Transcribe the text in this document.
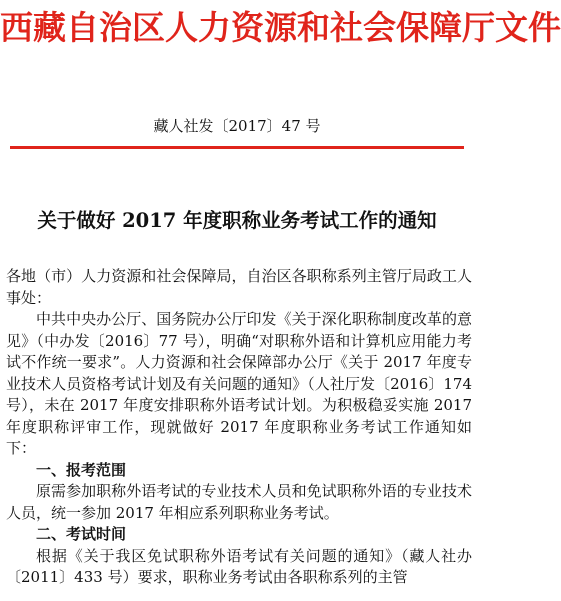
西藏自治区人力资源和社会保障厅文件
藏人社发〔2017〕47 号
关于做好 2017 年度职称业务考试工作的通知

各地（市）人力资源和社会保障局，自治区各职称系列主管厅局政工人事处：

中共中央办公厅、国务院办公厅印发《关于深化职称制度改革的意见》（中办发〔2016〕77 号），明确“对职称外语和计算机应用能力考试不作统一要求”。人力资源和社会保障部办公厅《关于 2017 年度专业技术人员资格考试计划及有关问题的通知》（人社厅发〔2016〕174 号），未在 2017 年度安排职称外语考试计划。为积极稳妥实施 2017 年度职称评审工作，现就做好 2017 年度职称业务考试工作通知如下：

一、报考范围

原需参加职称外语考试的专业技术人员和免试职称外语的专业技术人员，统一参加 2017 年相应系列职称业务考试。

二、考试时间

根据《关于我区免试职称外语考试有关问题的通知》（藏人社办〔2011〕433 号）要求，职称业务考试由各职称系列的主管
